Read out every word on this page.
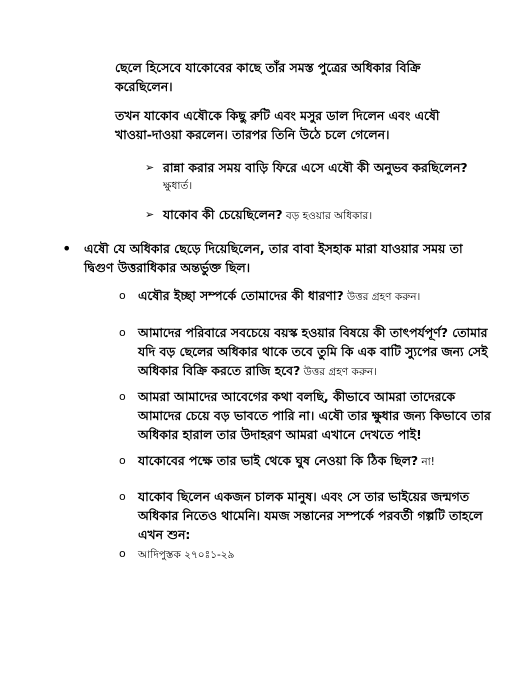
ছেলে হিসেবে যাকোবের কাছে তাঁর সমস্ত পুত্রের অধিকার বিক্রি
করেছিলেন।
তখন যাকোব এষৌকে কিছু রুটি এবং মসুর ডাল দিলেন এবং এষৌ
খাওয়া-দাওয়া করলেন। তারপর তিনি উঠে চলে গেলেন।
➢ রান্না করার সময় বাড়ি ফিরে এসে এষৌ কী অনুভব করছিলেন?
ক্ষুধার্ত।
➢ যাকোব কী চেয়েছিলেন? বড় হওয়ার অধিকার।
• এষৌ যে অধিকার ছেড়ে দিয়েছিলেন, তার বাবা ইসহাক মারা যাওয়ার সময় তা
দ্বিগুণ উত্তরাধিকার অন্তর্ভুক্ত ছিল।
o এষৌর ইচ্ছা সম্পর্কে তোমাদের কী ধারণা? উত্তর গ্রহণ করুন।
o আমাদের পরিবারে সবচেয়ে বয়স্ক হওয়ার বিষয়ে কী তাৎপর্যপূর্ণ? তোমার
যদি বড় ছেলের অধিকার থাকে তবে তুমি কি এক বাটি স্যুপের জন্য সেই
অধিকার বিক্রি করতে রাজি হবে? উত্তর গ্রহণ করুন।
o আমরা আমাদের আবেগের কথা বলছি, কীভাবে আমরা তাদেরকে
আমাদের চেয়ে বড় ভাবতে পারি না। এষৌ তার ক্ষুধার জন্য কিভাবে তার
অধিকার হারাল তার উদাহরণ আমরা এখানে দেখতে পাই!
o যাকোবের পক্ষে তার ভাই থেকে ঘুষ নেওয়া কি ঠিক ছিল? না!
o যাকোব ছিলেন একজন চালক মানুষ। এবং সে তার ভাইয়ের জন্মগত
অধিকার নিতেও থামেনি। যমজ সন্তানের সম্পর্কে পরবর্তী গল্পটি তাহলে
এখন শুন:
o আদিপুস্তক ২৭০ঃ১-২৯
